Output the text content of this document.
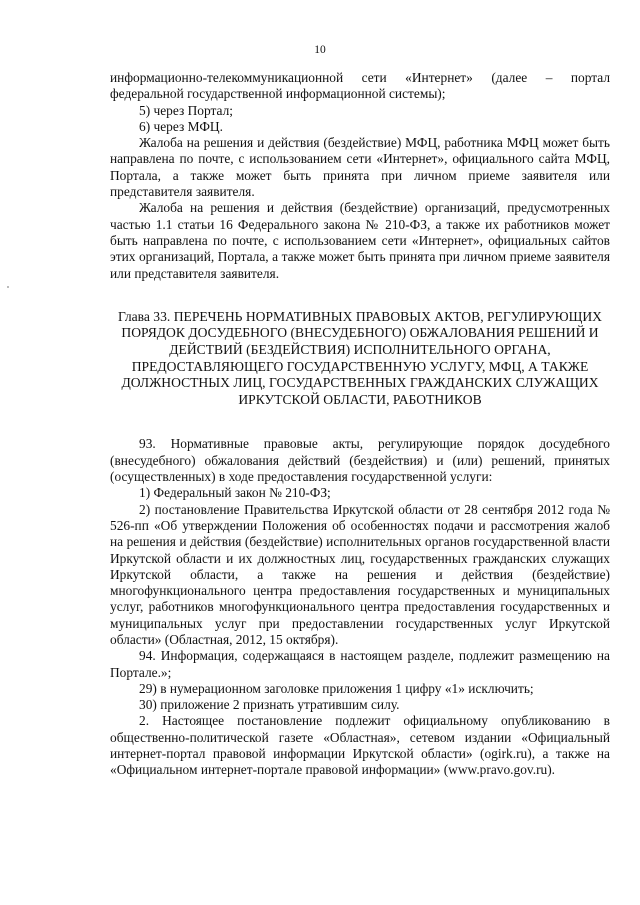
10

информационно-телекоммуникационной сети «Интернет» (далее – портал федеральной государственной информационной системы);

5) через Портал;

6) через МФЦ.

Жалоба на решения и действия (бездействие) МФЦ, работника МФЦ может быть направлена по почте, с использованием сети «Интернет», официального сайта МФЦ, Портала, а также может быть принята при личном приеме заявителя или представителя заявителя.

Жалоба на решения и действия (бездействие) организаций, предусмотренных частью 1.1 статьи 16 Федерального закона № 210-ФЗ, а также их работников может быть направлена по почте, с использованием сети «Интернет», официальных сайтов этих организаций, Портала, а также может быть принята при личном приеме заявителя или представителя заявителя.

Глава 33. ПЕРЕЧЕНЬ НОРМАТИВНЫХ ПРАВОВЫХ АКТОВ, РЕГУЛИРУЮЩИХ ПОРЯДОК ДОСУДЕБНОГО (ВНЕСУДЕБНОГО) ОБЖАЛОВАНИЯ РЕШЕНИЙ И ДЕЙСТВИЙ (БЕЗДЕЙСТВИЯ) ИСПОЛНИТЕЛЬНОГО ОРГАНА, ПРЕДОСТАВЛЯЮЩЕГО ГОСУДАРСТВЕННУЮ УСЛУГУ, МФЦ, А ТАКЖЕ ДОЛЖНОСТНЫХ ЛИЦ, ГОСУДАРСТВЕННЫХ ГРАЖДАНСКИХ СЛУЖАЩИХ ИРКУТСКОЙ ОБЛАСТИ, РАБОТНИКОВ

93. Нормативные правовые акты, регулирующие порядок досудебного (внесудебного) обжалования действий (бездействия) и (или) решений, принятых (осуществленных) в ходе предоставления государственной услуги:

1) Федеральный закон № 210-ФЗ;

2) постановление Правительства Иркутской области от 28 сентября 2012 года № 526-пп «Об утверждении Положения об особенностях подачи и рассмотрения жалоб на решения и действия (бездействие) исполнительных органов государственной власти Иркутской области и их должностных лиц, государственных гражданских служащих Иркутской области, а также на решения и действия (бездействие) многофункционального центра предоставления государственных и муниципальных услуг, работников многофункционального центра предоставления государственных и муниципальных услуг при предоставлении государственных услуг Иркутской области» (Областная, 2012, 15 октября).

94. Информация, содержащаяся в настоящем разделе, подлежит размещению на Портале.»;

29) в нумерационном заголовке приложения 1 цифру «1» исключить;

30) приложение 2 признать утратившим силу.

2. Настоящее постановление подлежит официальному опубликованию в общественно-политической газете «Областная», сетевом издании «Официальный интернет-портал правовой информации Иркутской области» (ogirk.ru), а также на «Официальном интернет-портале правовой информации» (www.pravo.gov.ru).
